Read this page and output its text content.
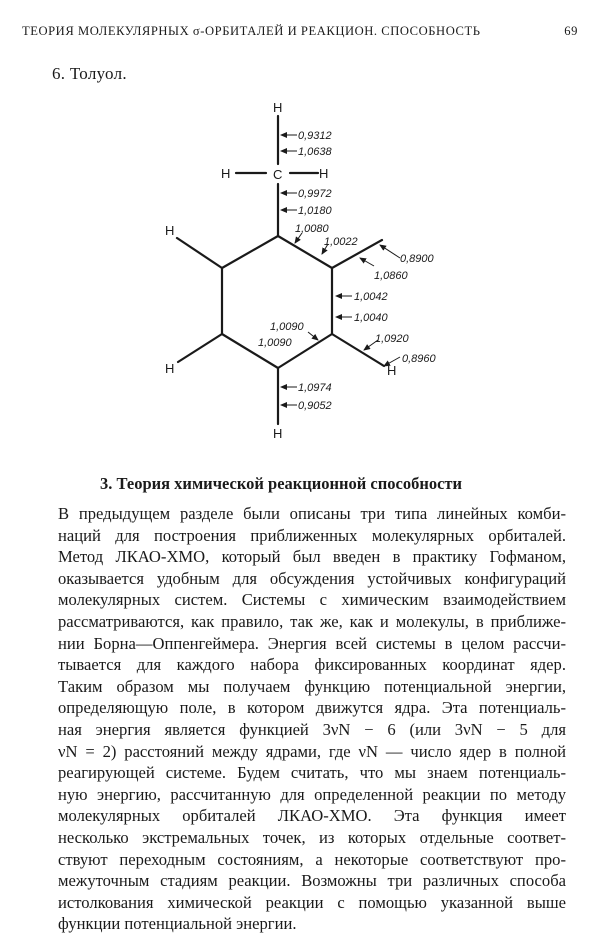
ТЕОРИЯ МОЛЕКУЛЯРНЫХ σ-ОРБИТАЛЕЙ И РЕАКЦИОН. СПОСОБНОСТЬ	69
6. Толуол.
H
H	C	H
H
H	H
H
0,9312
1,0638
0,9972
1,0180
1,0080
1,0022
0,8900
1,0860
1,0042
1,0040
1,0090
1,0090	1,0920
0,8960
1,0974
0,9052
3. Теория химической реакционной способности
В предыдущем разделе были описаны три типа линейных комби-
наций для построения приближенных молекулярных орбиталей.
Метод ЛКАО-ХМО, который был введен в практику Гофманом,
оказывается удобным для обсуждения устойчивых конфигураций
молекулярных систем. Системы с химическим взаимодействием
рассматриваются, как правило, так же, как и молекулы, в приближе-
нии Борна—Оппенгеймера. Энергия всей системы в целом рассчи-
тывается для каждого набора фиксированных координат ядер.
Таким образом мы получаем функцию потенциальной энергии,
определяющую поле, в котором движутся ядра. Эта потенциаль-
ная энергия является функцией 3νN − 6 (или 3νN − 5 для
νN = 2) расстояний между ядрами, где νN — число ядер в полной
реагирующей системе. Будем считать, что мы знаем потенциаль-
ную энергию, рассчитанную для определенной реакции по методу
молекулярных орбиталей ЛКАО-ХМО. Эта функция имеет
несколько экстремальных точек, из которых отдельные соответ-
ствуют переходным состояниям, а некоторые соответствуют про-
межуточным стадиям реакции. Возможны три различных способа
истолкования химической реакции с помощью указанной выше
функции потенциальной энергии.
